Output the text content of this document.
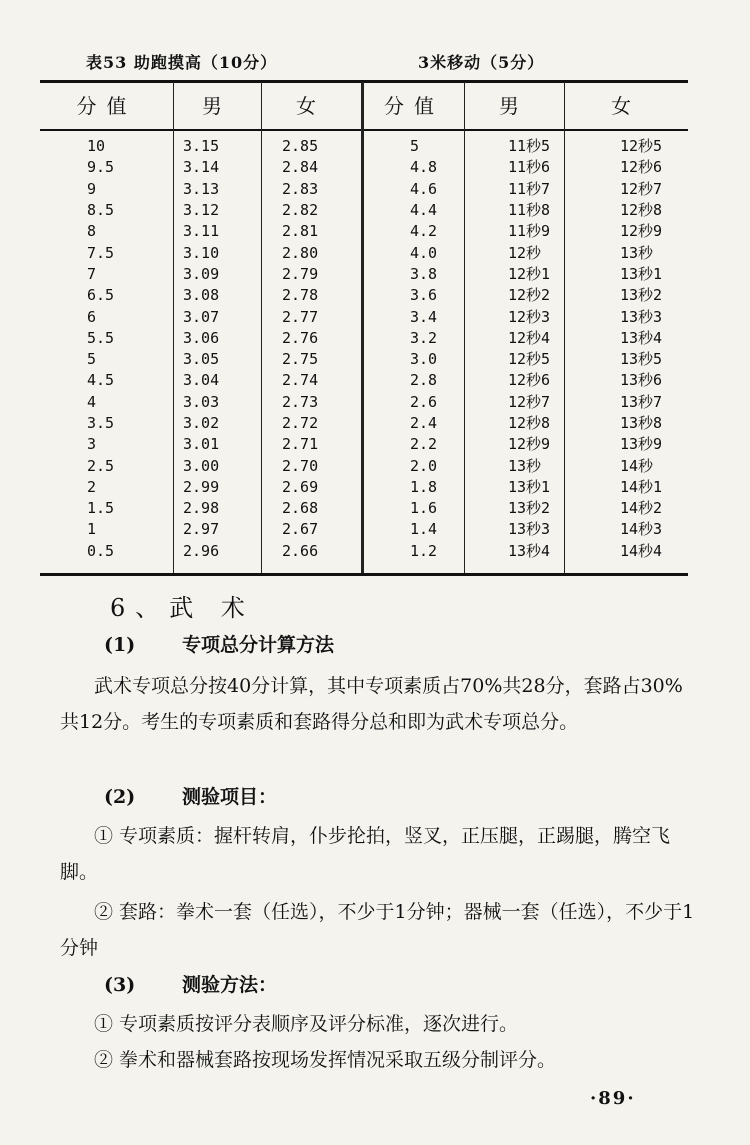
表53 助跑摸高（10分）	3米移动（5分）
分值	男	女	分值	男	女
10	3.15	2.85	5	11秒5	12秒5
9.5	3.14	2.84	4.8	11秒6	12秒6
9	3.13	2.83	4.6	11秒7	12秒7
8.5	3.12	2.82	4.4	11秒8	12秒8
8	3.11	2.81	4.2	11秒9	12秒9
7.5	3.10	2.80	4.0	12秒	13秒
7	3.09	2.79	3.8	12秒1	13秒1
6.5	3.08	2.78	3.6	12秒2	13秒2
6	3.07	2.77	3.4	12秒3	13秒3
5.5	3.06	2.76	3.2	12秒4	13秒4
5	3.05	2.75	3.0	12秒5	13秒5
4.5	3.04	2.74	2.8	12秒6	13秒6
4	3.03	2.73	2.6	12秒7	13秒7
3.5	3.02	2.72	2.4	12秒8	13秒8
3	3.01	2.71	2.2	12秒9	13秒9
2.5	3.00	2.70	2.0	13秒	14秒
2	2.99	2.69	1.8	13秒1	14秒1
1.5	2.98	2.68	1.6	13秒2	14秒2
1	2.97	2.67	1.4	13秒3	14秒3
0.5	2.96	2.66	1.2	13秒4	14秒4
6、武 术
(1) 专项总分计算方法
武术专项总分按40分计算，其中专项素质占70%共28分，套路占30%共12分。考生的专项素质和套路得分总和即为武术专项总分。
(2) 测验项目：
① 专项素质：握杆转肩，仆步抡拍，竖叉，正压腿，正踢腿，腾空飞脚。
② 套路：拳术一套（任选），不少于1分钟；器械一套（任选），不少于1分钟
(3) 测验方法：
① 专项素质按评分表顺序及评分标准，逐次进行。
② 拳术和器械套路按现场发挥情况采取五级分制评分。
·89·
